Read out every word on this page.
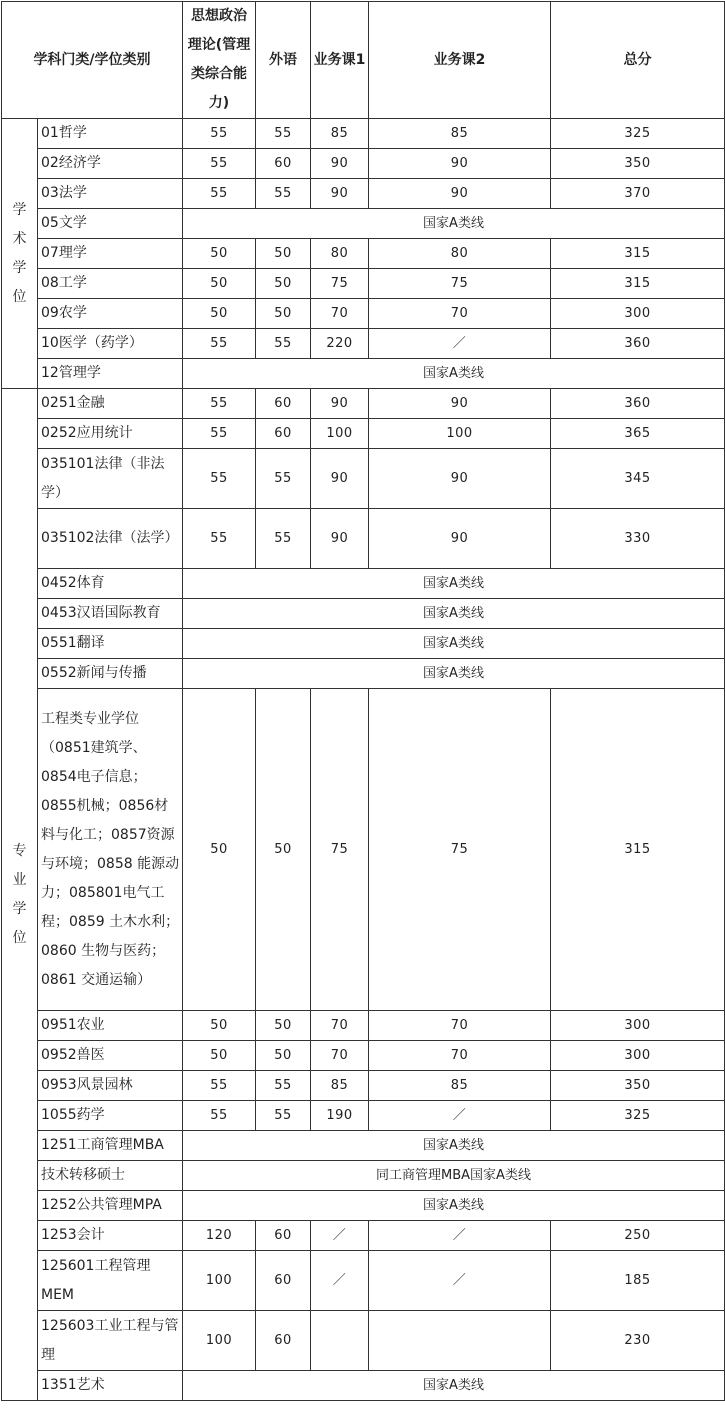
学科门类/学位类别		思想政治理论(管理类综合能力)	外语	业务课1	业务课2	总分
学术学位	01哲学	55	55	85	85	325
	02经济学	55	60	90	90	350
	03法学	55	55	90	90	370
	05文学	国家A类线				
	07理学	50	50	80	80	315
	08工学	50	50	75	75	315
	09农学	50	50	70	70	300
	10医学（药学）	55	55	220	／	360
	12管理学	国家A类线				
专业学位	0251金融	55	60	90	90	360
	0252应用统计	55	60	100	100	365
	035101法律（非法学）	55	55	90	90	345
	035102法律（法学）	55	55	90	90	330
	0452体育	国家A类线				
	0453汉语国际教育	国家A类线				
	0551翻译	国家A类线				
	0552新闻与传播	国家A类线				
	工程类专业学位（0851建筑学、0854电子信息；0855机械；0856材料与化工；0857资源与环境；0858 能源动力；085801电气工程；0859 土木水利；0860 生物与医药； 0861 交通运输）	50	50	75	75	315
	0951农业	50	50	70	70	300
	0952兽医	50	50	70	70	300
	0953风景园林	55	55	85	85	350
	1055药学	55	55	190	／	325
	1251工商管理MBA	国家A类线				
	技术转移硕士	同工商管理MBA国家A类线				
	1252公共管理MPA	国家A类线				
	1253会计	120	60	／	／	250
	125601工程管理MEM	100	60	／	／	185
	125603工业工程与管理	100	60			230
	1351艺术	国家A类线				
